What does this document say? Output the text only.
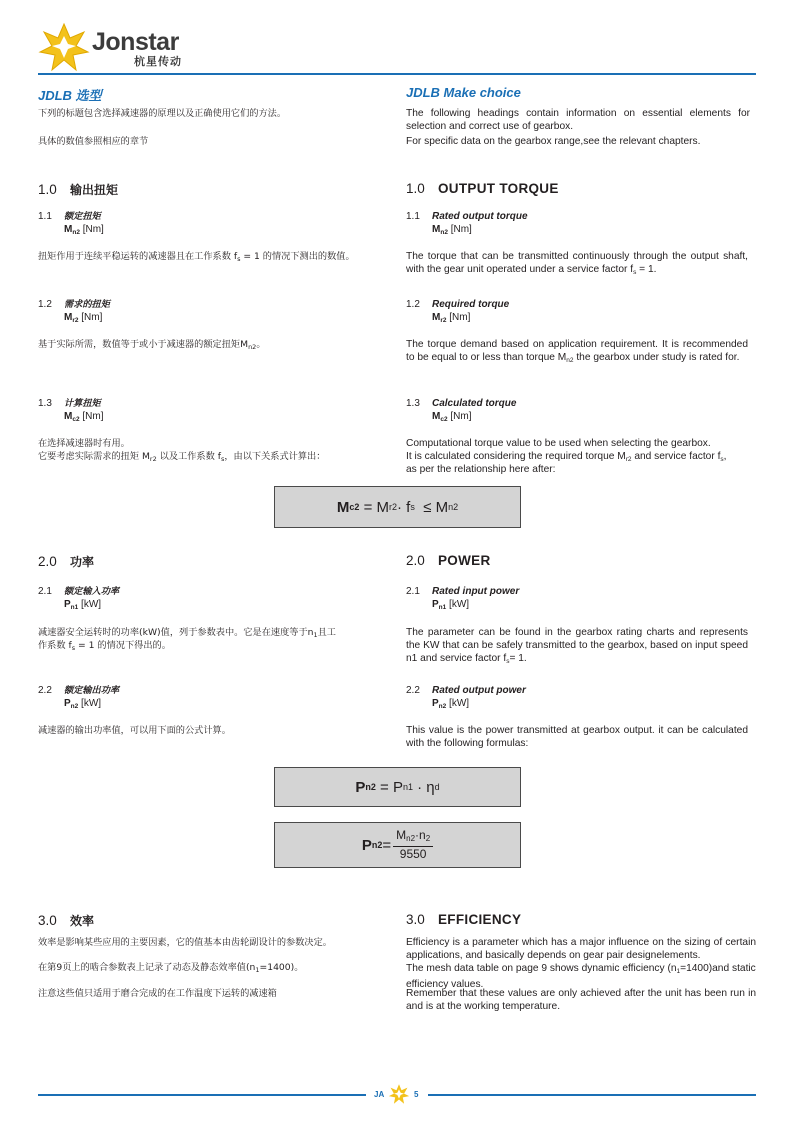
Jonstar
杭星传动
JDLB 选型
下列的标题包含选择减速器的原理以及正确使用它们的方法。
具体的数值参照相应的章节
1.0 输出扭矩
1.1 额定扭矩
$M_{n2}$ [Nm]
扭矩作用于连续平稳运转的减速器且在工作系数 $f_s = 1$ 的情况下测出的数值。
1.2 需求的扭矩
$M_{r2}$ [Nm]
基于实际所需，数值等于或小于减速器的额定扭矩$M_{n2}$。
1.3 计算扭矩
$M_{c2}$ [Nm]
在选择减速器时有用。
它要考虑实际需求的扭矩 $M_{r2}$ 以及工作系数 $f_s$，由以下关系式计算出：
M c2
= M r2 · f s ≤ M n2
2.0 功率
2.1 额定输入功率
$P_{n1}$ [kW]
减速器安全运转时的功率(kW)值，列于参数表中。它是在速度等于$n_1$且工
作系数 $f_s = 1$ 的情况下得出的。
2.2 额定输出功率
$P_{n2}$ [kW]
减速器的输出功率值，可以用下面的公式计算。
P n2 = P n1 · η d
P $n2 = \frac{M_{n2}\cdot n_2}{9550}$
3.0 效率
效率是影响某些应用的主要因素，它的值基本由齿轮副设计的参数决定。
在第9页上的啮合参数表上记录了动态及静态效率值$(n_1=1400)$。
注意这些值只适用于磨合完成的在工作温度下运转的减速箱
JDLB Make choice
The following headings contain information on essential elements for selection and correct use of gearbox.
For specific data on the gearbox range,see the relevant chapters.
1.0 OUTPUT TORQUE
1.1 Rated output torque
$M_{n2}$ [Nm]
The torque that can be transmitted continuously through the output shaft, with the gear unit operated under a service factor $f_s = 1$.
1.2 Required torque
$M_{r2}$ [Nm]
The torque demand based on application requirement. It is recommended to be equal to or less than torque $M_{n2}$ the gearbox under study is rated for.
1.3 Calculated torque
$M_{c2}$ [Nm]
Computational torque value to be used when selecting the gearbox.
It is calculated considering the required torque $M_{r2}$ and service factor $f_s$,
as per the relationship here after:
2.0 POWER
2.1 Rated input power
$P_{n1}$ [kW]
The parameter can be found in the gearbox rating charts and represents the KW that can be safely transmitted to the gearbox, based on input speed n1 and service factor $f_s= 1$.
2.2 Rated output power
$P_{n2}$ [kW]
This value is the power transmitted at gearbox output. it can be calculated with the following formulas:
3.0 EFFICIENCY
Efficiency is a parameter which has a major influence on the sizing of certain applications, and basically depends on gear pair designelements.
The mesh data table on page 9 shows dynamic efficiency $(n_1=1400)and$ static efficiency values.
Remember that these values are only achieved after the unit has been run in and is at the working temperature.
JA	5
